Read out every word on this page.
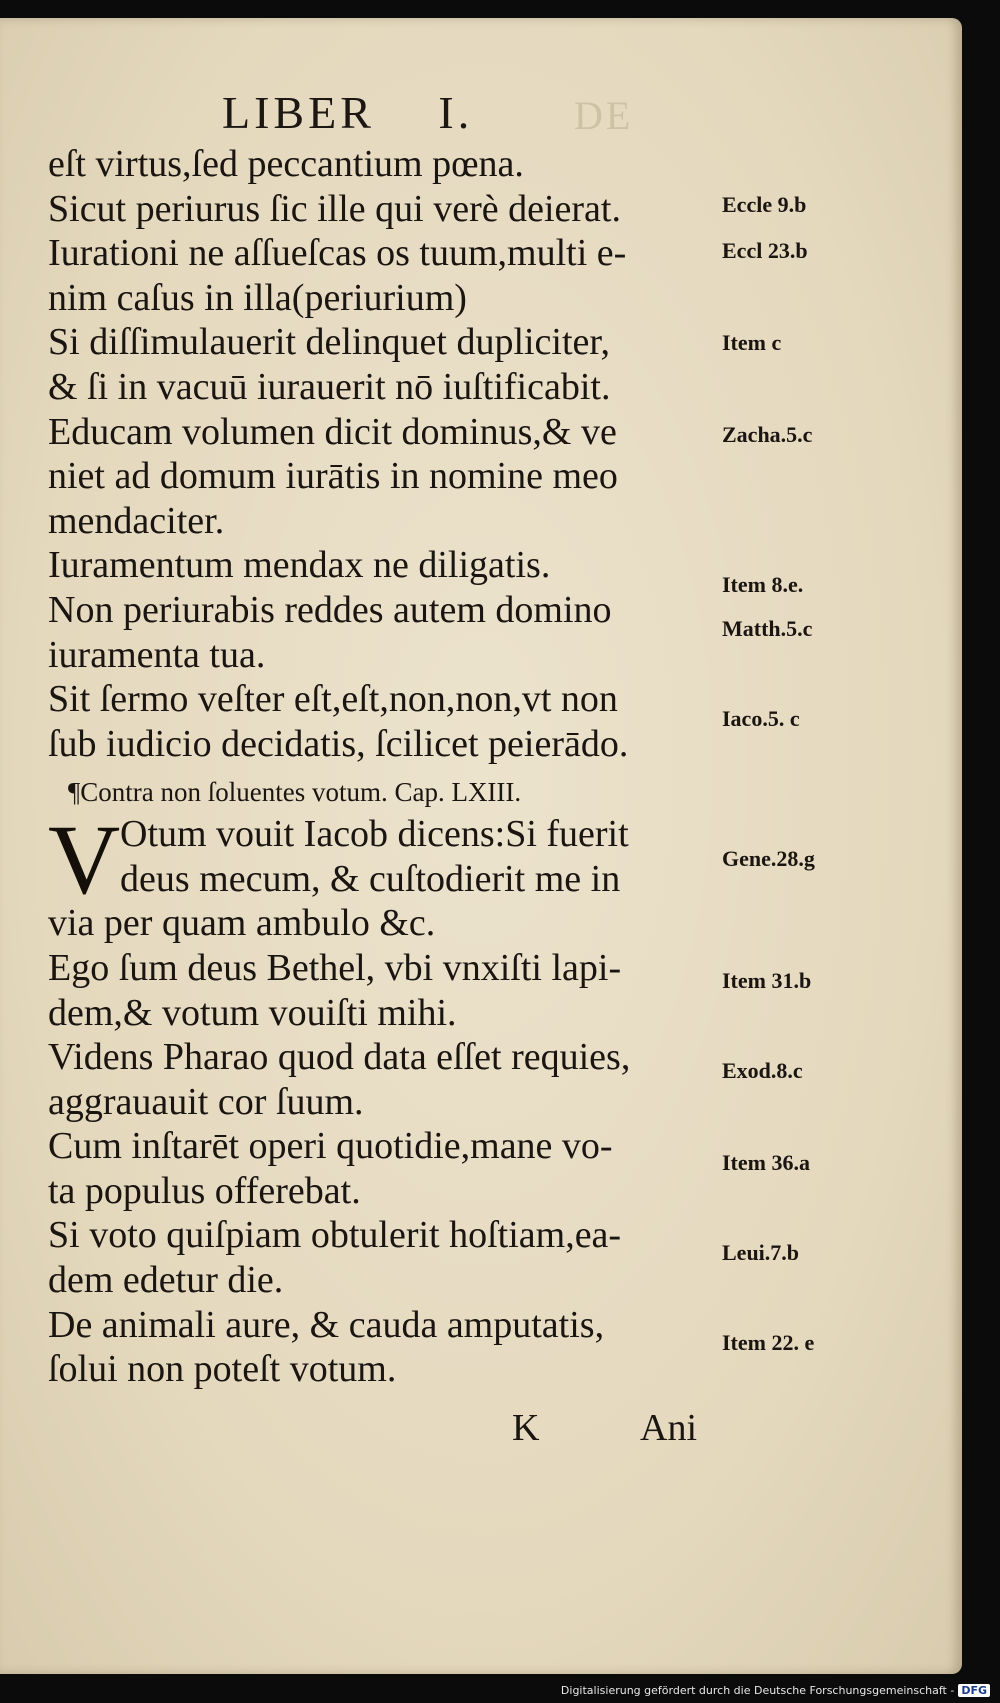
DE
LIBER I.
eſt virtus,ſed peccantium pœna.
Sicut periurus ſic ille qui verè deierat.
Iurationi ne aſſueſcas os tuum,multi e-
nim caſus in illa(periurium)
Si diſſimulauerit delinquet dupliciter,
& ſi in vacuū iurauerit nō iuſtificabit.
Educam volumen dicit dominus,& ve
niet ad domum iurātis in nomine meo
mendaciter.
Iuramentum mendax ne diligatis.
Non periurabis reddes autem domino
iuramenta tua.
Sit ſermo veſter eſt,eſt,non,non,vt non
ſub iudicio decidatis, ſcilicet peierādo.
¶Contra non ſoluentes votum. Cap. LXIII.
V Otum vouit Iacob dicens:Si fuerit
deus mecum, & cuſtodierit me in
via per quam ambulo &c.
Ego ſum deus Bethel, vbi vnxiſti lapi-
dem,& votum vouiſti mihi.
Videns Pharao quod data eſſet requies,
aggrauauit cor ſuum.
Cum inſtarēt operi quotidie,mane vo-
ta populus offerebat.
Si voto quiſpiam obtulerit hoſtiam,ea-
dem edetur die.
De animali aure, & cauda amputatis,
ſolui non poteſt votum.
Eccle 9.b
Eccl 23.b
Item c
Zacha.5.c
Item 8.e.
Matth.5.c
Iaco.5. c
Gene.28.g
Item 31.b
Exod.8.c
Item 36.a
Leui.7.b
Item 22. e
K	Ani
Digitalisierung gefördert durch die Deutsche Forschungsgemeinschaft - DFG
